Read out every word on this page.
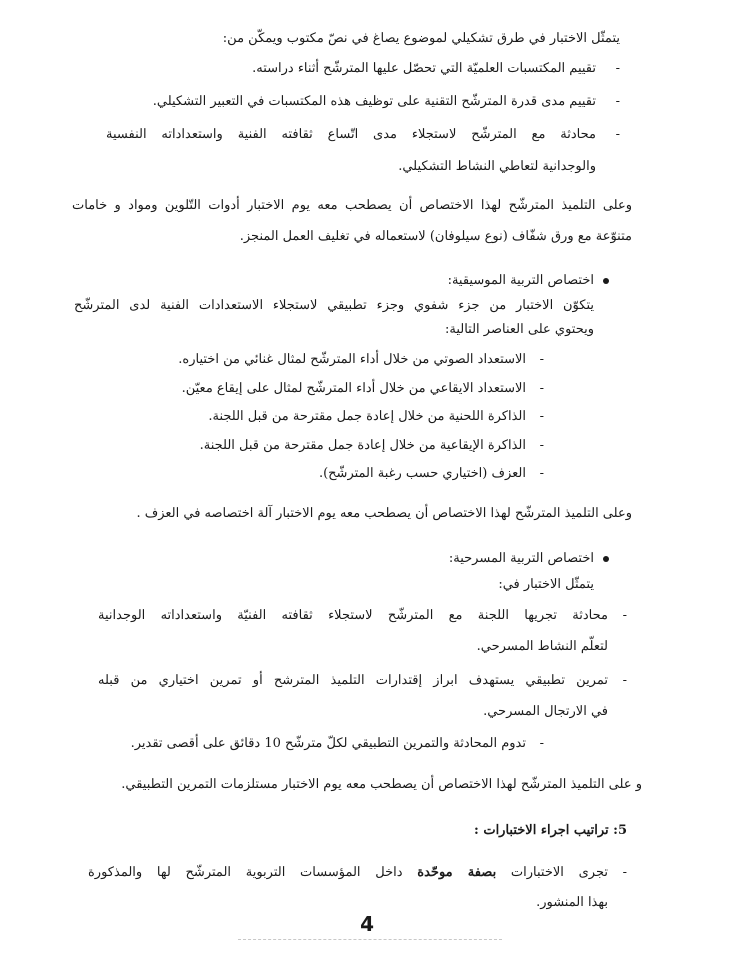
يتمثّل الاختبار في طرق تشكيلي لموضوع يصاغ في نصّ مكتوب ويمكّن من:
-
تقييم المكتسبات العلميّة التي تحصّل عليها المترشّح أثناء دراسته.
-
تقييم مدى قدرة المترشّح التقنية على توظيف هذه المكتسبات في التعبير التشكيلي.
-
محادثة مع المترشّح لاستجلاء مدى اتّساع ثقافته الفنية واستعداداته النفسية
والوجدانية لتعاطي النشاط التشكيلي.
وعلى التلميذ المترشّح لهذا الاختصاص أن يصطحب معه يوم الاختبار أدوات التّلوين ومواد و خامات
متنوّعة مع ورق شفّاف (نوع سيلوفان) لاستعماله في تغليف العمل المنجز.
اختصاص التربية الموسيقية:
يتكوّن الاختبار من جزء شفوي وجزء تطبيقي لاستجلاء الاستعدادات الفنية لدى المترشّح
ويحتوي على العناصر التالية:
-
الاستعداد الصوتي من خلال أداء المترشّح لمثال غنائي من اختياره.
-
الاستعداد الايقاعي من خلال أداء المترشّح لمثال على إيقاع معيّن.
-
الذاكرة اللحنية من خلال إعادة جمل مقترحة من قبل اللجنة.
-
الذاكرة الإيقاعية من خلال إعادة جمل مقترحة من قبل اللجنة.
-
العزف (اختياري حسب رغبة المترشّح).
وعلى التلميذ المترشّح لهذا الاختصاص أن يصطحب معه يوم الاختبار آلة اختصاصه في العزف .
اختصاص التربية المسرحية:
يتمثّل الاختبار في:
-
محادثة تجريها اللجنة مع المترشّح لاستجلاء ثقافته الفنيّة واستعداداته الوجدانية
لتعلّم النشاط المسرحي.
-
تمرين تطبيقي يستهدف ابراز إقتدارات التلميذ المترشح أو تمرين اختياري من قبله
في الارتجال المسرحي.
-
تدوم المحادثة والتمرين التطبيقي لكلّ مترشّح 10 دقائق على أقصى تقدير.
و على التلميذ المترشّح لهذا الاختصاص أن يصطحب معه يوم الاختبار مستلزمات التمرين التطبيقي.
5: تراتيب اجراء الاختبارات :
-
تجرى الاختبارات بصفة موحّدة داخل المؤسسات التربوية المترشّح لها والمذكورة
بهذا المنشور.
4
